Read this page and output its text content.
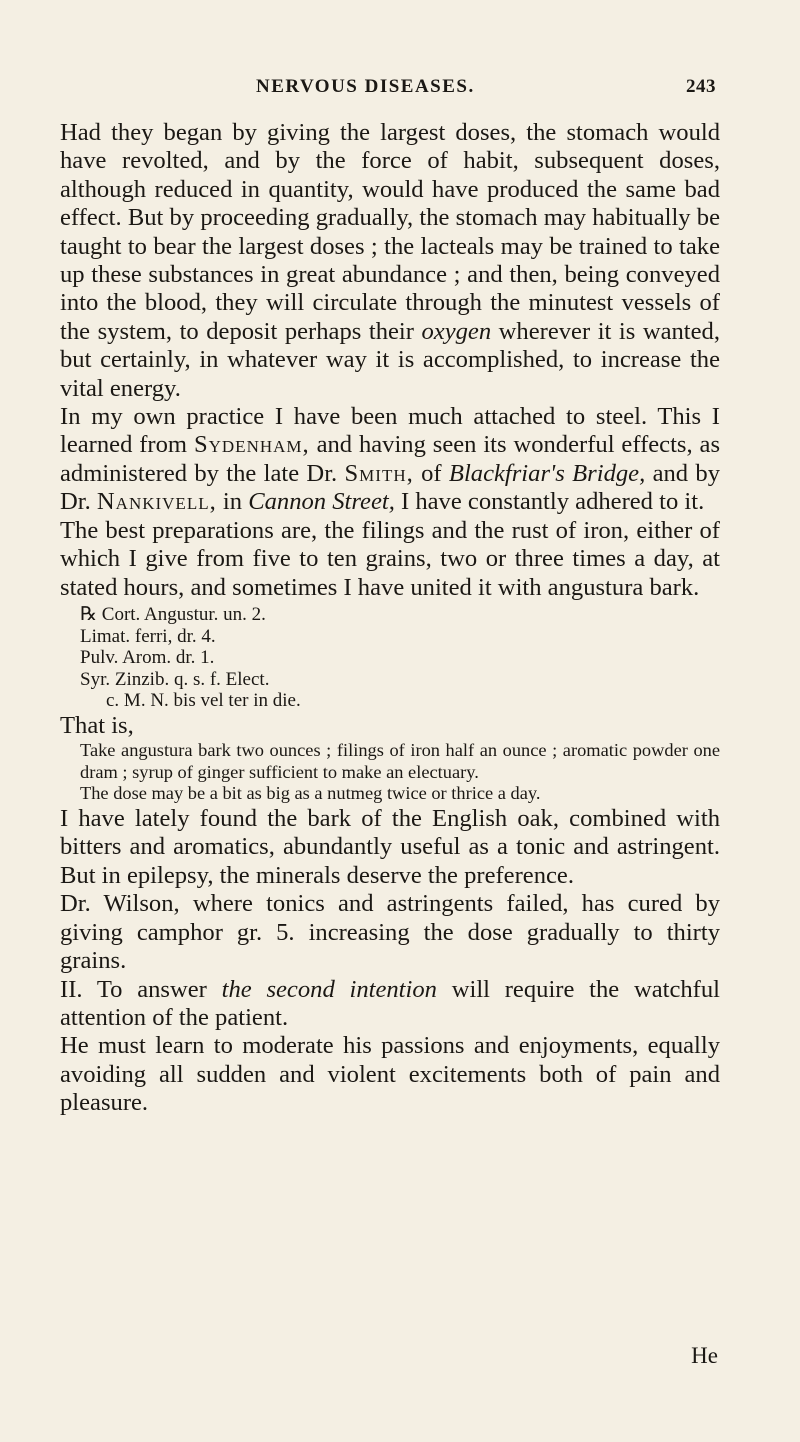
NERVOUS DISEASES.	243

Had they began by giving the largest doses, the stomach would have revolted, and by the force of habit, subsequent doses, although reduced in quantity, would have produced the same bad effect. But by proceeding gradually, the stomach may habitually be taught to bear the largest doses ; the lacteals may be trained to take up these substances in great abundance ; and then, being conveyed into the blood, they will circulate through the minutest vessels of the system, to deposit perhaps their oxygen wherever it is wanted, but certainly, in whatever way it is accomplished, to increase the vital energy.

In my own practice I have been much attached to steel. This I learned from Sydenham, and having seen its wonderful effects, as administered by the late Dr. Smith, of Blackfriar's Bridge, and by Dr. Nankivell, in Cannon Street, I have constantly adhered to it.

The best preparations are, the filings and the rust of iron, either of which I give from five to ten grains, two or three times a day, at stated hours, and sometimes I have united it with angustura bark.

℞ Cort. Angustur. un. 2.
Limat. ferri, dr. 4.
Pulv. Arom. dr. 1.
Syr. Zinzib. q. s. f. Elect.
c. M. N. bis vel ter in die.

That is,

Take angustura bark two ounces ; filings of iron half an ounce ; aromatic powder one dram ; syrup of ginger sufficient to make an electuary.

The dose may be a bit as big as a nutmeg twice or thrice a day.

I have lately found the bark of the English oak, combined with bitters and aromatics, abundantly useful as a tonic and astringent. But in epilepsy, the minerals deserve the preference.

Dr. Wilson, where tonics and astringents failed, has cured by giving camphor gr. 5. increasing the dose gradually to thirty grains.

II. To answer the second intention will require the watchful attention of the patient.

He must learn to moderate his passions and enjoyments, equally avoiding all sudden and violent excitements both of pain and pleasure.

He
